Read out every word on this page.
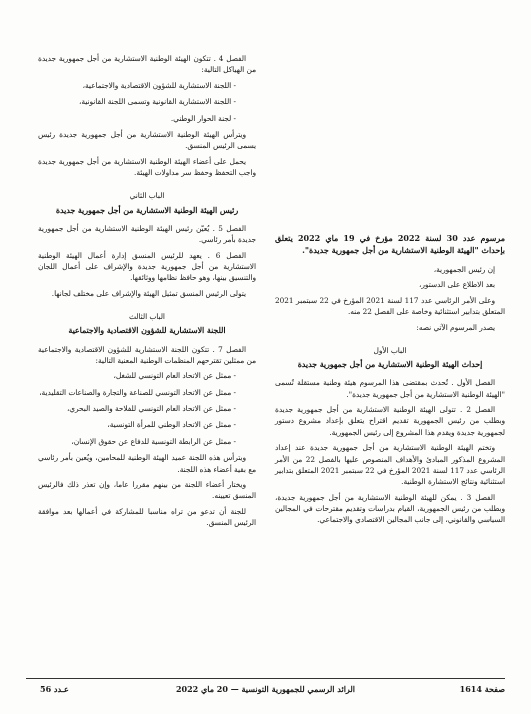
الفصل 4 . تتكون الهيئة الوطنية الاستشارية من أجل جمهورية جديدة من الهياكل التالية:

- اللجنة الاستشارية للشؤون الاقتصادية والاجتماعية،

- اللجنة الاستشارية القانونية وتسمى اللجنة القانونية،

- لجنة الحوار الوطني.

ويترأس الهيئة الوطنية الاستشارية من أجل جمهورية جديدة رئيس يسمى الرئيس المنسق.

يحمل على أعضاء الهيئة الوطنية الاستشارية من أجل جمهورية جديدة واجب التحفظ وحفظ سر مداولات الهيئة.

الباب الثاني

رئيس الهيئة الوطنية الاستشارية من أجل جمهورية جديدة

الفصل 5 . يُعيّن رئيس الهيئة الوطنية الاستشارية من أجل جمهورية جديدة بأمر رئاسي.

الفصل 6 . يعهد للرئيس المنسق إدارة أعمال الهيئة الوطنية الاستشارية من أجل جمهورية جديدة والإشراف على أعمال اللجان والتنسيق بينها، وهو حافظ نظامها ووثائقها.

يتولى الرئيس المنسق تمثيل الهيئة والإشراف على مختلف لجانها.

الباب الثالث

اللجنة الاستشارية للشؤون الاقتصادية والاجتماعية

الفصل 7 . تتكون اللجنة الاستشارية للشؤون الاقتصادية والاجتماعية من ممثلين تقترحهم المنظمات الوطنية المعنية التالية:

- ممثل عن الاتحاد العام التونسي للشغل،

- ممثل عن الاتحاد التونسي للصناعة والتجارة والصناعات التقليدية،

- ممثل عن الاتحاد العام التونسي للفلاحة والصيد البحري،

- ممثل عن الاتحاد الوطني للمرأة التونسية،

- ممثل عن الرابطة التونسية للدفاع عن حقوق الإنسان،

ويترأس هذه اللجنة عميد الهيئة الوطنية للمحامين، ويُعين بأمر رئاسي مع بقية أعضاء هذه اللجنة.

ويختار أعضاء اللجنة من بينهم مقررا عاما، وإن تعذر ذلك فالرئيس المنسق تعيينه.

للجنة أن تدعو من تراه مناسبا للمشاركة في أعمالها بعد موافقة الرئيس المنسق.

مرسوم عدد 30 لسنة 2022 مؤرخ في 19 ماي 2022 يتعلق بإحداث "الهيئة الوطنية الاستشارية من أجل جمهورية جديدة".

إن رئيس الجمهورية،

بعد الاطلاع على الدستور،

وعلى الأمر الرئاسي عدد 117 لسنة 2021 المؤرخ في 22 سبتمبر 2021 المتعلق بتدابير استثنائية وخاصة على الفصل 22 منه.

يصدر المرسوم الآتي نصه:

الباب الأول

إحداث الهيئة الوطنية الاستشارية من أجل جمهورية جديدة

الفصل الأول . تُحدث بمقتضى هذا المرسوم هيئة وطنية مستقلة تُسمى "الهيئة الوطنية الاستشارية من أجل جمهورية جديدة".

الفصل 2 . تتولى الهيئة الوطنية الاستشارية من أجل جمهورية جديدة وبطلب من رئيس الجمهورية تقديم اقتراح يتعلق بإعداد مشروع دستور لجمهورية جديدة ويقدم هذا المشروع إلى رئيس الجمهورية.

وتختم الهيئة الوطنية الاستشارية من أجل جمهورية جديدة عند إعداد المشروع المذكور المبادئ والأهداف المنصوص عليها بالفصل 22 من الأمر الرئاسي عدد 117 لسنة 2021 المؤرخ في 22 سبتمبر 2021 المتعلق بتدابير استثنائية ونتائج الاستشارة الوطنية.

الفصل 3 . يمكن للهيئة الوطنية الاستشارية من أجل جمهورية جديدة، وبطلب من رئيس الجمهورية، القيام بدراسات وتقديم مقترحات في المجالين السياسي والقانوني، إلى جانب المجالين الاقتصادي والاجتماعي.

صفحة 1614
الرائد الرسمي للجمهورية التونسية — 20 ماي 2022
عـدد 56
